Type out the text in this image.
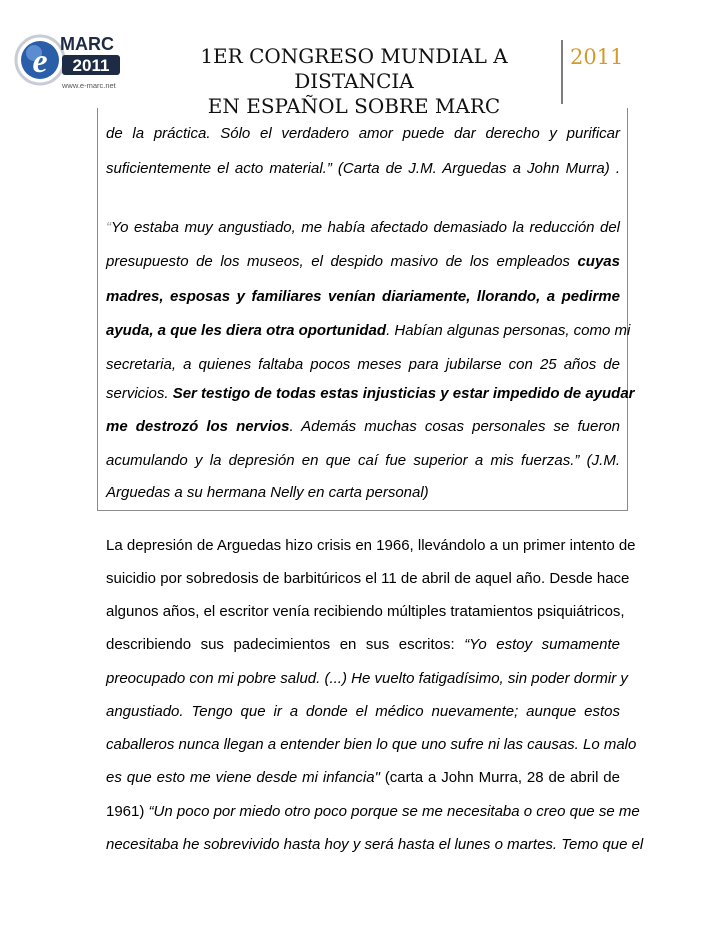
e MARC
2011
www.e-marc.net
1ER CONGRESO MUNDIAL A DISTANCIA
EN ESPAÑOL SOBRE MARC
2011
de la práctica. Sólo el verdadero amor puede dar derecho y purificar
suficientemente el acto material.” (Carta de J.M. Arguedas a John Murra) .
“Yo estaba muy angustiado, me había afectado demasiado la reducción del
presupuesto de los museos, el despido masivo de los empleados cuyas
madres, esposas y familiares venían diariamente, llorando, a pedirme
ayuda, a que les diera otra oportunidad. Habían algunas personas, como mi
secretaria, a quienes faltaba pocos meses para jubilarse con 25 años de
servicios. Ser testigo de todas estas injusticias y estar impedido de ayudar
me destrozó los nervios. Además muchas cosas personales se fueron
acumulando y la depresión en que caí fue superior a mis fuerzas.” (J.M.
Arguedas a su hermana Nelly en carta personal)
La depresión de Arguedas hizo crisis en 1966, llevándolo a un primer intento de
suicidio por sobredosis de barbitúricos el 11 de abril de aquel año. Desde hace
algunos años, el escritor venía recibiendo múltiples tratamientos psiquiátricos,
describiendo sus padecimientos en sus escritos: “Yo estoy sumamente
preocupado con mi pobre salud. (...) He vuelto fatigadísimo, sin poder dormir y
angustiado. Tengo que ir a donde el médico nuevamente; aunque estos
caballeros nunca llegan a entender bien lo que uno sufre ni las causas. Lo malo
es que esto me viene desde mi infancia" (carta a John Murra, 28 de abril de
1961) “Un poco por miedo otro poco porque se me necesitaba o creo que se me
necesitaba he sobrevivido hasta hoy y será hasta el lunes o martes. Temo que el
